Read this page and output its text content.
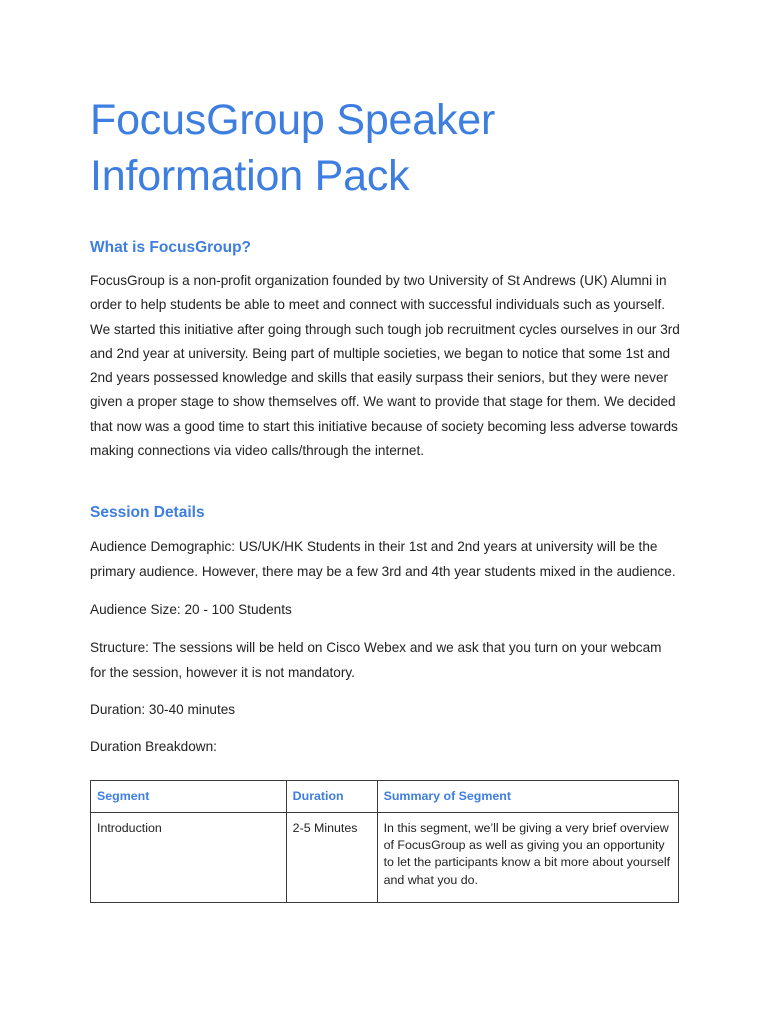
FocusGroup Speaker
Information Pack
What is FocusGroup?

FocusGroup is a non-profit organization founded by two University of St Andrews (UK) Alumni in order to help students be able to meet and connect with successful individuals such as yourself. We started this initiative after going through such tough job recruitment cycles ourselves in our 3rd and 2nd year at university. Being part of multiple societies, we began to notice that some 1st and 2nd years possessed knowledge and skills that easily surpass their seniors, but they were never given a proper stage to show themselves off. We want to provide that stage for them. We decided that now was a good time to start this initiative because of society becoming less adverse towards making connections via video calls/through the internet.

Session Details

Audience Demographic: US/UK/HK Students in their 1st and 2nd years at university will be the primary audience. However, there may be a few 3rd and 4th year students mixed in the audience.

Audience Size: 20 - 100 Students

Structure: The sessions will be held on Cisco Webex and we ask that you turn on your webcam for the session, however it is not mandatory.

Duration: 30-40 minutes

Duration Breakdown:

Segment	Duration	Summary of Segment
Introduction	2-5 Minutes	In this segment, we’ll be giving a very brief overview of FocusGroup as well as giving you an opportunity to let the participants know a bit more about yourself and what you do.
